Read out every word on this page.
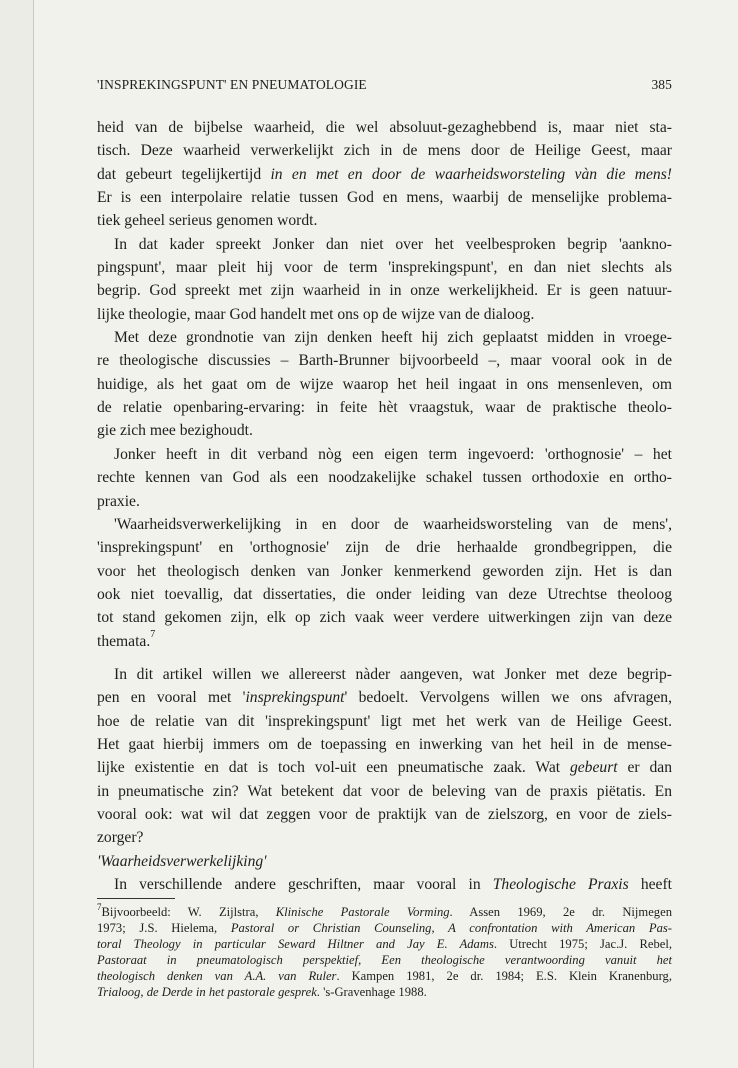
'INSPREKINGSPUNT' EN PNEUMATOLOGIE	385
heid van de bijbelse waarheid, die wel absoluut-gezaghebbend is, maar niet sta-
tisch. Deze waarheid verwerkelijkt zich in de mens door de Heilige Geest, maar
dat gebeurt tegelijkertijd in en met en door de waarheidsworsteling vàn die mens!
Er is een interpolaire relatie tussen God en mens, waarbij de menselijke problema-
tiek geheel serieus genomen wordt.
In dat kader spreekt Jonker dan niet over het veelbesproken begrip 'aankno-
pingspunt', maar pleit hij voor de term 'insprekingspunt', en dan niet slechts als
begrip. God spreekt met zijn waarheid in in onze werkelijkheid. Er is geen natuur-
lijke theologie, maar God handelt met ons op de wijze van de dialoog.
Met deze grondnotie van zijn denken heeft hij zich geplaatst midden in vroege-
re theologische discussies – Barth-Brunner bijvoorbeeld –, maar vooral ook in de
huidige, als het gaat om de wijze waarop het heil ingaat in ons mensenleven, om
de relatie openbaring-ervaring: in feite hèt vraagstuk, waar de praktische theolo-
gie zich mee bezighoudt.
Jonker heeft in dit verband nòg een eigen term ingevoerd: 'orthognosie' – het
rechte kennen van God als een noodzakelijke schakel tussen orthodoxie en ortho-
praxie.
'Waarheidsverwerkelijking in en door de waarheidsworsteling van de mens',
'insprekingspunt' en 'orthognosie' zijn de drie herhaalde grondbegrippen, die
voor het theologisch denken van Jonker kenmerkend geworden zijn. Het is dan
ook niet toevallig, dat dissertaties, die onder leiding van deze Utrechtse theoloog
tot stand gekomen zijn, elk op zich vaak weer verdere uitwerkingen zijn van deze
themata.$^7$
In dit artikel willen we allereerst nàder aangeven, wat Jonker met deze begrip-
pen en vooral met 'insprekingspunt' bedoelt. Vervolgens willen we ons afvragen,
hoe de relatie van dit 'insprekingspunt' ligt met het werk van de Heilige Geest.
Het gaat hierbij immers om de toepassing en inwerking van het heil in de mense-
lijke existentie en dat is toch vol-uit een pneumatische zaak. Wat gebeurt er dan
in pneumatische zin? Wat betekent dat voor de beleving van de praxis piëtatis. En
vooral ook: wat wil dat zeggen voor de praktijk van de zielszorg, en voor de ziels-
zorger?
'Waarheidsverwerkelijking'
In verschillende andere geschriften, maar vooral in Theologische Praxis heeft
$^7$Bijvoorbeeld: W. Zijlstra, Klinische Pastorale Vorming. Assen 1969, 2e dr. Nijmegen
1973; J.S. Hielema, Pastoral or Christian Counseling, A confrontation with American Pas-
toral Theology in particular Seward Hiltner and Jay E. Adams. Utrecht 1975; Jac.J. Rebel,
Pastoraat in pneumatologisch perspektief, Een theologische verantwoording vanuit het
theologisch denken van A.A. van Ruler. Kampen 1981, 2e dr. 1984; E.S. Klein Kranenburg,
Trialoog, de Derde in het pastorale gesprek. 's-Gravenhage 1988.
